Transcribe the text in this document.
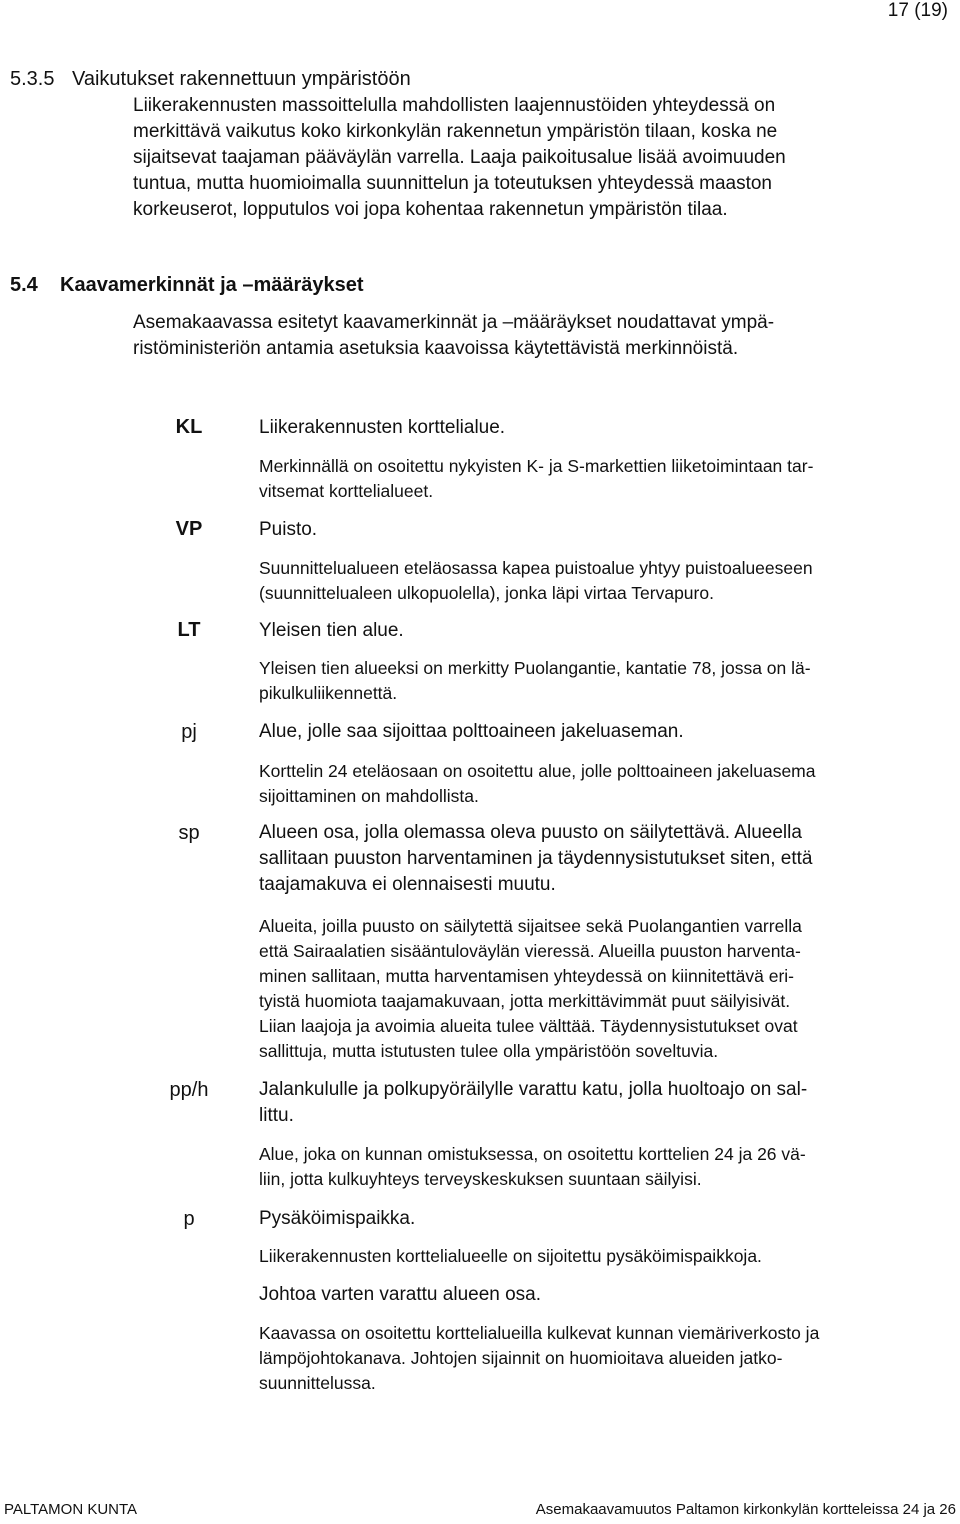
17 (19)
5.3.5 Vaikutukset rakennettuun ympäristöön
Liikerakennusten massoittelulla mahdollisten laajennustöiden yhteydessä on
merkittävä vaikutus koko kirkonkylän rakennetun ympäristön tilaan, koska ne
sijaitsevat taajaman pääväylän varrella. Laaja paikoitusalue lisää avoimuuden
tuntua, mutta huomioimalla suunnittelun ja toteutuksen yhteydessä maaston
korkeuserot, lopputulos voi jopa kohentaa rakennetun ympäristön tilaa.
5.4 Kaavamerkinnät ja –määräykset
Asemakaavassa esitetyt kaavamerkinnät ja –määräykset noudattavat ympä-
ristöministeriön antamia asetuksia kaavoissa käytettävistä merkinnöistä.
KL	Liikerakennusten korttelialue.
Merkinnällä on osoitettu nykyisten K- ja S-markettien liiketoimintaan tar-
vitsemat korttelialueet.
VP	Puisto.
Suunnittelualueen eteläosassa kapea puistoalue yhtyy puistoalueeseen
(suunnittelualeen ulkopuolella), jonka läpi virtaa Tervapuro.
LT	Yleisen tien alue.
Yleisen tien alueeksi on merkitty Puolangantie, kantatie 78, jossa on lä-
pikulkuliikennettä.
pj	Alue, jolle saa sijoittaa polttoaineen jakeluaseman.
Korttelin 24 eteläosaan on osoitettu alue, jolle polttoaineen jakeluasema
sijoittaminen on mahdollista.
sp	Alueen osa, jolla olemassa oleva puusto on säilytettävä. Alueella
sallitaan puuston harventaminen ja täydennysistutukset siten, että
taajamakuva ei olennaisesti muutu.
Alueita, joilla puusto on säilytettä sijaitsee sekä Puolangantien varrella
että Sairaalatien sisääntuloväylän vieressä. Alueilla puuston harventa-
minen sallitaan, mutta harventamisen yhteydessä on kiinnitettävä eri-
tyistä huomiota taajamakuvaan, jotta merkittävimmät puut säilyisivät.
Liian laajoja ja avoimia alueita tulee välttää. Täydennysistutukset ovat
sallittuja, mutta istutusten tulee olla ympäristöön soveltuvia.
pp/h	Jalankululle ja polkupyöräilylle varattu katu, jolla huoltoajo on sal-
littu.
Alue, joka on kunnan omistuksessa, on osoitettu korttelien 24 ja 26 vä-
liin, jotta kulkuyhteys terveyskeskuksen suuntaan säilyisi.
p	Pysäköimispaikka.
Liikerakennusten korttelialueelle on sijoitettu pysäköimispaikkoja.
Johtoa varten varattu alueen osa.
Kaavassa on osoitettu korttelialueilla kulkevat kunnan viemäriverkosto ja
lämpöjohtokanava. Johtojen sijainnit on huomioitava alueiden jatko-
suunnittelussa.
PALTAMON KUNTA	Asemakaavamuutos Paltamon kirkonkylän kortteleissa 24 ja 26
